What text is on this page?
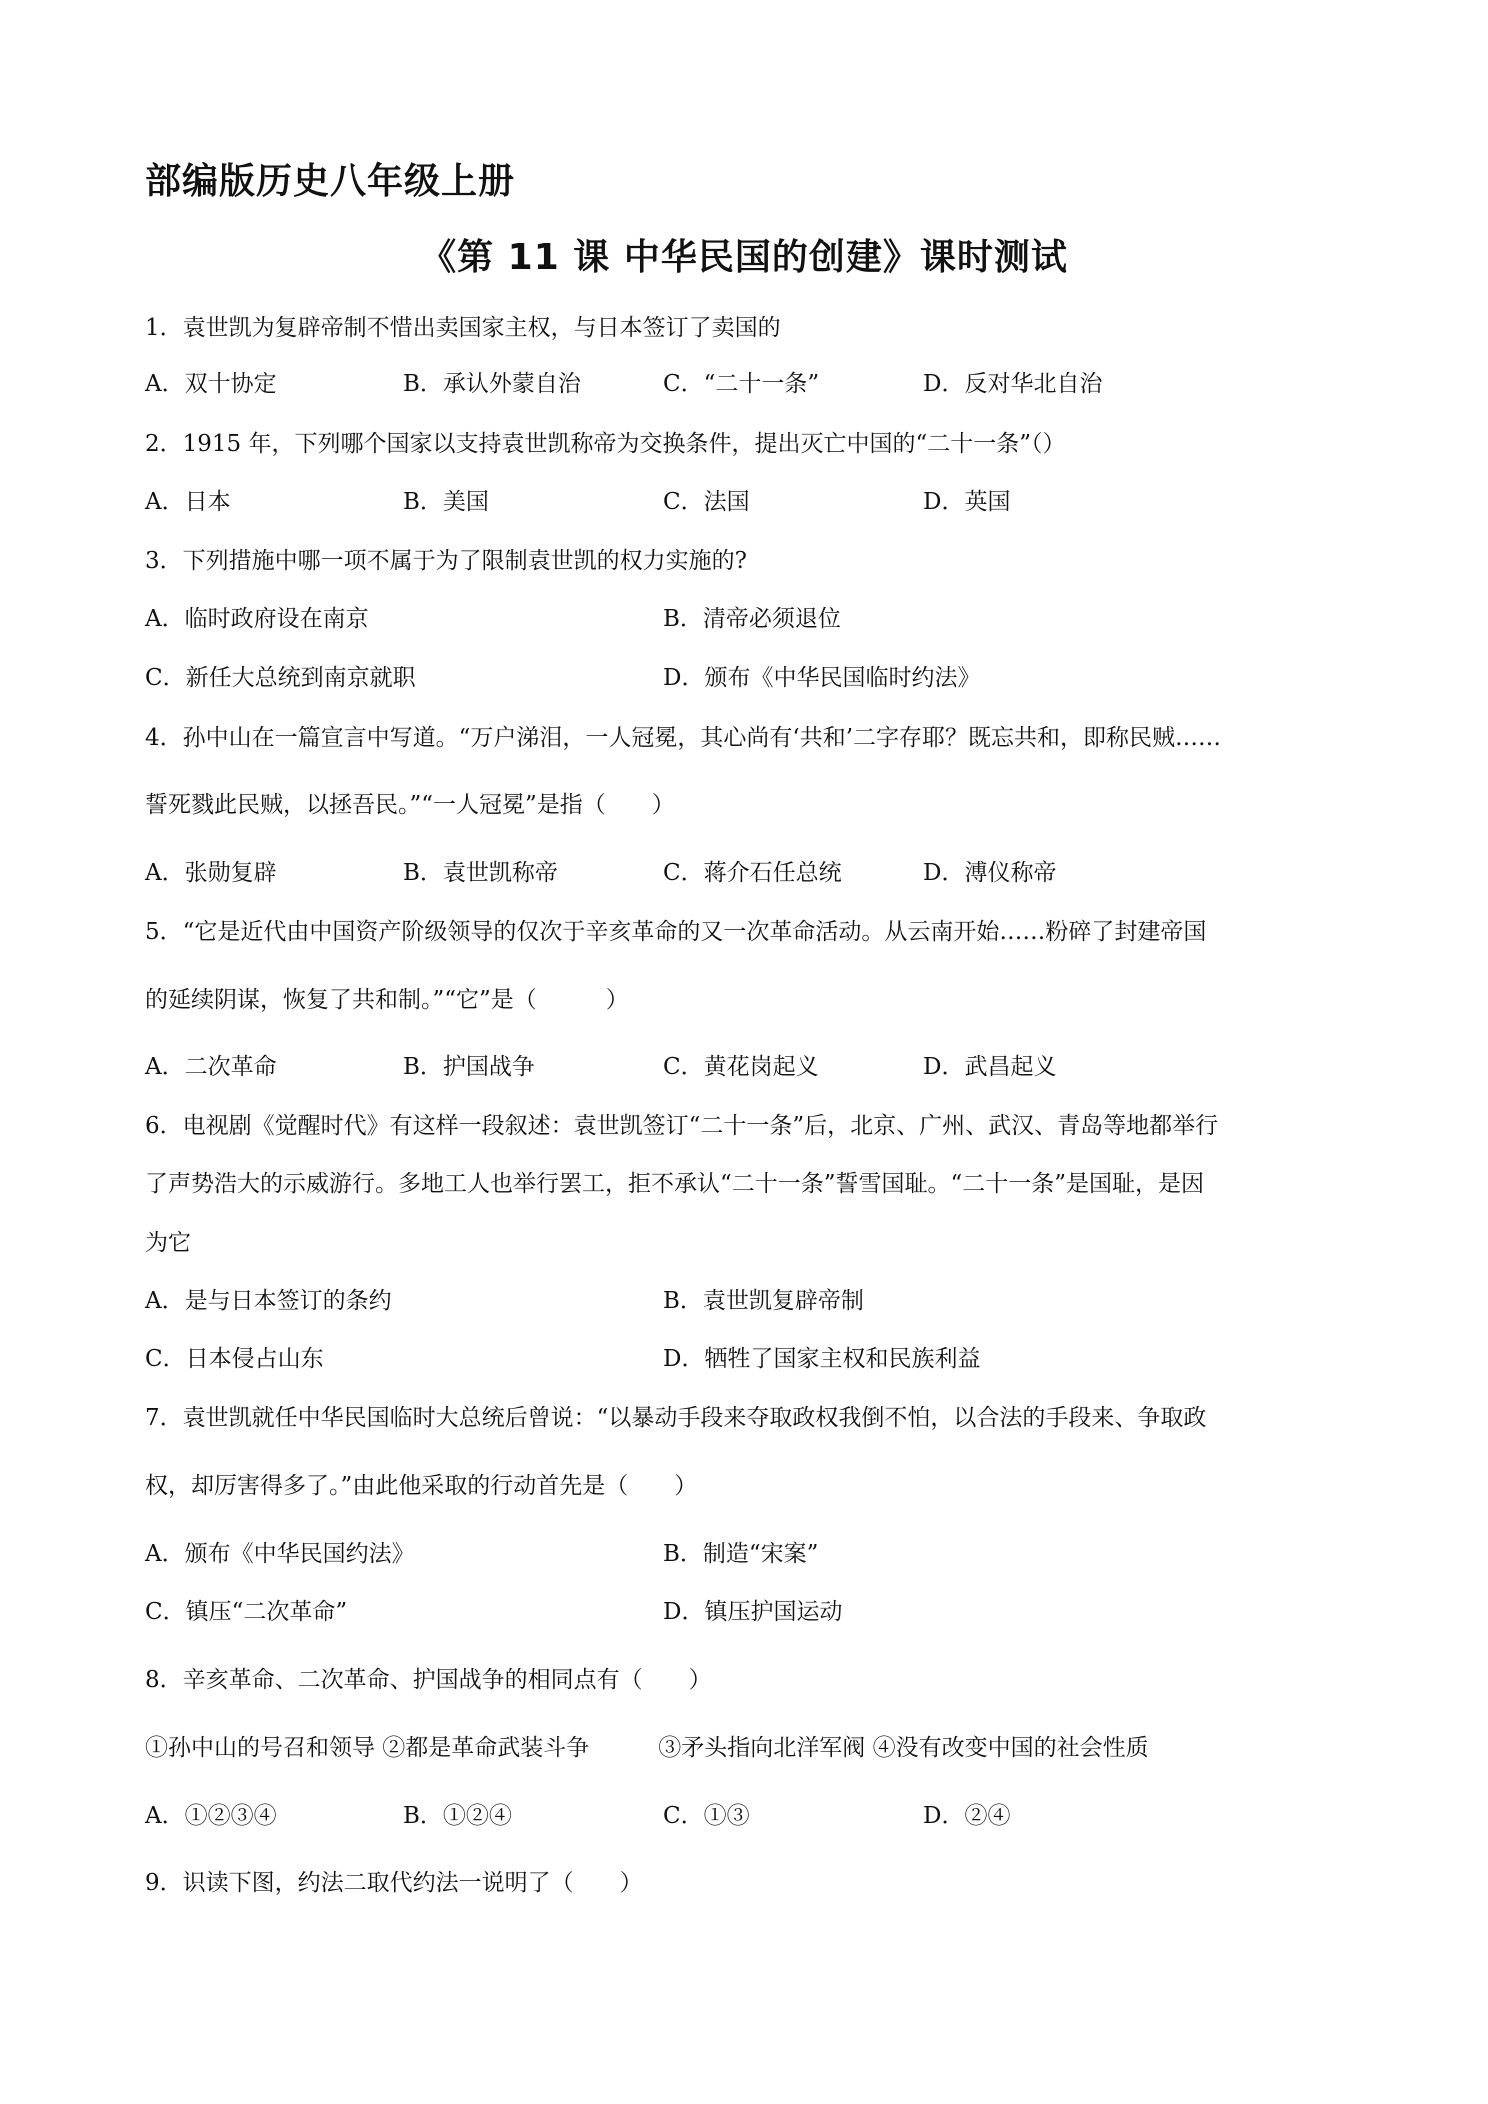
部编版历史八年级上册
《第 11 课 中华民国的创建》课时测试
1．袁世凯为复辟帝制不惜出卖国家主权，与日本签订了卖国的
A．双十协定	B．承认外蒙自治	C．“二十一条”	D．反对华北自治
2．1915 年，下列哪个国家以支持袁世凯称帝为交换条件，提出灭亡中国的“二十一条”（）
A．日本	B．美国	C．法国	D．英国
3．下列措施中哪一项不属于为了限制袁世凯的权力实施的?
A．临时政府设在南京	B．清帝必须退位
C．新任大总统到南京就职	D．颁布《中华民国临时约法》
4．孙中山在一篇宣言中写道。“万户涕泪，一人冠冕，其心尚有‘共和’二字存耶？既忘共和，即称民贼……
誓死戮此民贼，以拯吾民。”“一人冠冕”是指（　　）
A．张勋复辟	B．袁世凯称帝	C．蒋介石任总统	D．溥仪称帝
5．“它是近代由中国资产阶级领导的仅次于辛亥革命的又一次革命活动。从云南开始……粉碎了封建帝国
的延续阴谋，恢复了共和制。”“它”是（　　　）
A．二次革命	B．护国战争	C．黄花岗起义	D．武昌起义
6．电视剧《觉醒时代》有这样一段叙述：袁世凯签订“二十一条”后，北京、广州、武汉、青岛等地都举行
了声势浩大的示威游行。多地工人也举行罢工，拒不承认“二十一条”誓雪国耻。“二十一条”是国耻，是因
为它
A．是与日本签订的条约	B．袁世凯复辟帝制
C．日本侵占山东	D．牺牲了国家主权和民族利益
7．袁世凯就任中华民国临时大总统后曾说：“以暴动手段来夺取政权我倒不怕，以合法的手段来、争取政
权，却厉害得多了。”由此他采取的行动首先是（　　）
A．颁布《中华民国约法》	B．制造“宋案”
C．镇压“二次革命”	D．镇压护国运动
8．辛亥革命、二次革命、护国战争的相同点有（　　）
①孙中山的号召和领导 ②都是革命武装斗争　　　③矛头指向北洋军阀 ④没有改变中国的社会性质
A．①②③④	B．①②④	C．①③	D．②④
9．识读下图，约法二取代约法一说明了（　　）
